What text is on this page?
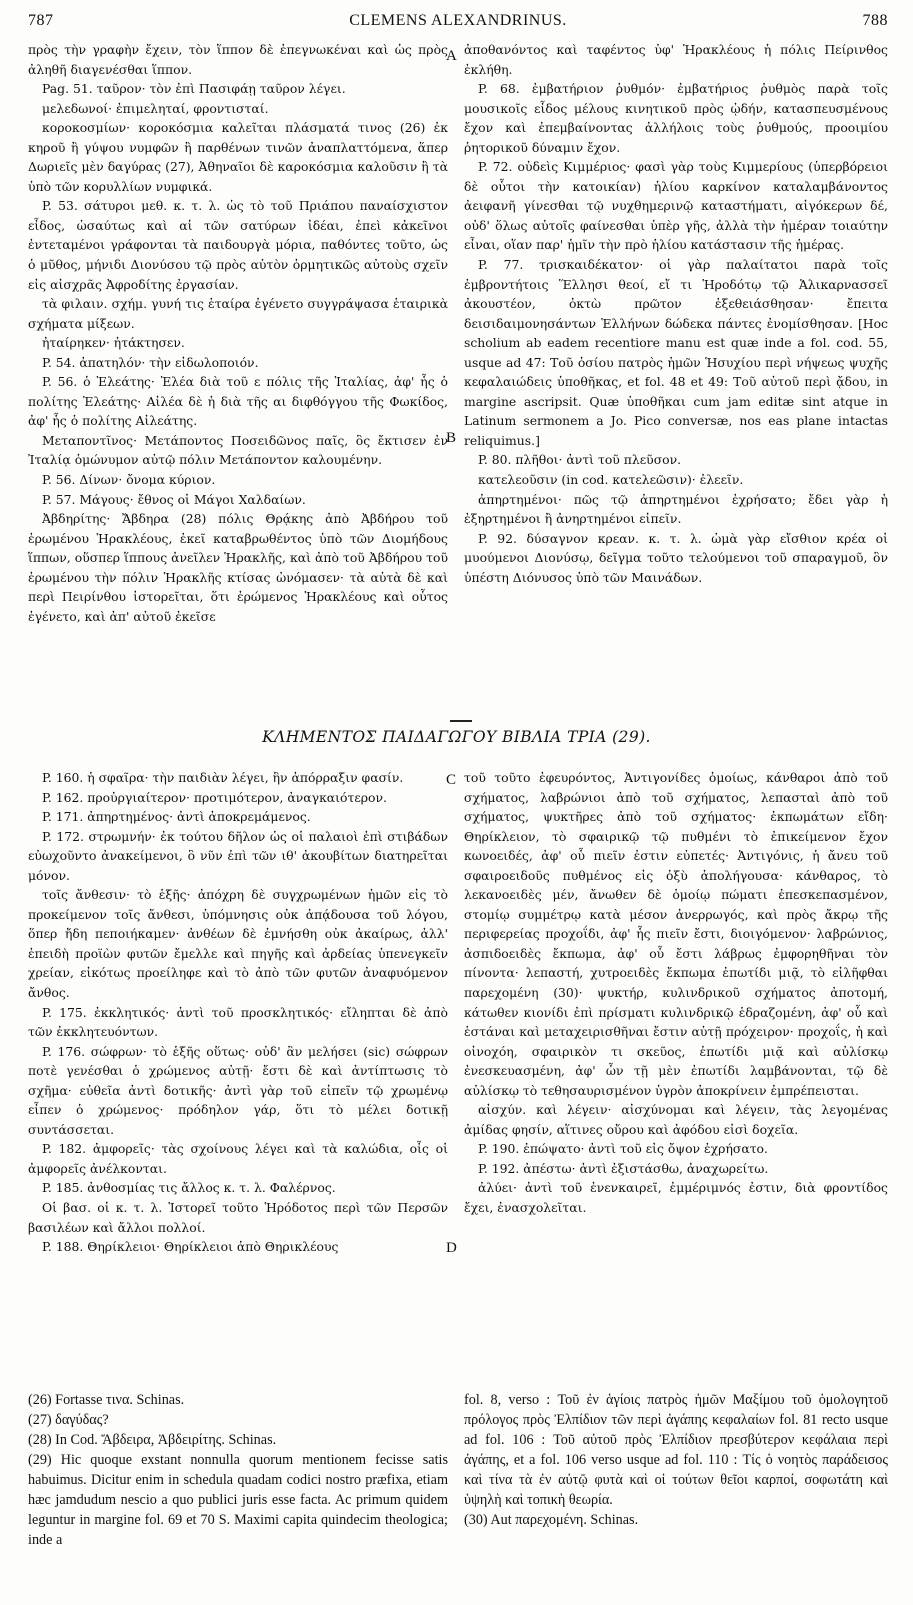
787	CLEMENS ALEXANDRINUS.	788

πρὸς τὴν γραφὴν ἔχειν, τὸν ἵππον δὲ ἐπεγνωκέναι καὶ ὡς πρὸς ἀληθῆ διαγενέσθαι ἵππον.

Pag. 51. ταῦρον· τὸν ἐπὶ Πασιφάῃ ταῦρον λέγει.

μελεδωνοί· ἐπιμεληταί, φροντισταί.

κοροκοσμίων· κοροκόσμια καλεῖται πλάσματά τινος (26) ἐκ κηροῦ ἢ γύψου νυμφῶν ἢ παρθένων τινῶν ἀναπλαττόμενα, ἅπερ Δωριεῖς μὲν δαγύρας (27), Ἀθηναῖοι δὲ καροκόσμια καλοῦσιν ἢ τὰ ὑπὸ τῶν κορυλλίων νυμφικά.

P. 53. σάτυροι μεθ. κ. τ. λ. ὡς τὸ τοῦ Πριάπου παναίσχιστον εἶδος, ὡσαύτως καὶ αἱ τῶν σατύρων ἰδέαι, ἐπεὶ κἀκεῖνοι ἐντεταμένοι γράφονται τὰ παιδουργὰ μόρια, παθόντες τοῦτο, ὡς ὁ μῦθος, μήνιδι Διονύσου τῷ πρὸς αὐτὸν ὁρμητικῶς αὐτοὺς σχεῖν εἰς αἰσχρᾶς Ἀφροδίτης ἐργασίαν.

τὰ φιλαιν. σχήμ. γυνή τις ἑταίρα ἐγένετο συγγράψασα ἑταιρικὰ σχήματα μίξεων.

ἠταίρηκεν· ἠτάκτησεν.

P. 54. ἀπατηλόν· τὴν εἰδωλοποιόν.

P. 56. ὁ Ἐλεάτης· Ἐλέα διὰ τοῦ ε πόλις τῆς Ἰταλίας, ἀφ' ἧς ὁ πολίτης Ἐλεάτης· Αἰλέα δὲ ἡ διὰ τῆς αι διφθόγγου τῆς Φωκίδος, ἀφ' ἧς ὁ πολίτης Αἰλεάτης.

Μεταποντῖνος· Μετάποντος Ποσειδῶνος παῖς, ὃς ἔκτισεν ἐν Ἰταλίᾳ ὁμώνυμον αὐτῷ πόλιν Μετάποντον καλουμένην.

P. 56. Δίνων· ὄνομα κύριον.

P. 57. Μάγους· ἔθνος οἱ Μάγοι Χαλδαίων.

Ἀβδηρίτης· Ἄβδηρα (28) πόλις Θρᾴκης ἀπὸ Ἀβδήρου τοῦ ἐρωμένου Ἡρακλέους, ἐκεῖ καταβρωθέντος ὑπὸ τῶν Διομήδους ἵππων, οὕσπερ ἵππους ἀνεῖλεν Ἡρακλῆς, καὶ ἀπὸ τοῦ Ἀβδήρου τοῦ ἐρωμένου τὴν πόλιν Ἡρακλῆς κτίσας ὠνόμασεν· τὰ αὐτὰ δὲ καὶ περὶ Πειρίνθου ἱστορεῖται, ὅτι ἐρώμενος Ἡρακλέους καὶ οὗτος ἐγένετο, καὶ ἀπ' αὐτοῦ ἐκεῖσε

A
B

ἀποθανόντος καὶ ταφέντος ὑφ' Ἡρακλέους ἡ πόλις Πείρινθος ἐκλήθη.

P. 68. ἐμβατήριον ῥυθμόν· ἐμβατήριος ῥυθμὸς παρὰ τοῖς μουσικοῖς εἶδος μέλους κινητικοῦ πρὸς ᾠδήν, κατασπευσμένους ἔχον καὶ ἐπεμβαίνοντας ἀλλήλοις τοὺς ῥυθμούς, προοιμίου ῥητορικοῦ δύναμιν ἔχον.

P. 72. οὐδεὶς Κιμμέριος· φασὶ γὰρ τοὺς Κιμμερίους (ὑπερβόρειοι δὲ οὗτοι τὴν κατοικίαν) ἡλίου καρκίνον καταλαμβάνοντος ἀειφανῆ γίνεσθαι τῷ νυχθημερινῷ καταστήματι, αἰγόκερων δέ, οὐδ' ὅλως αὐτοῖς φαίνεσθαι ὑπὲρ γῆς, ἀλλὰ τὴν ἡμέραν τοιαύτην εἶναι, οἵαν παρ' ἡμῖν τὴν πρὸ ἡλίου κατάστασιν τῆς ἡμέρας.

P. 77. τρισκαιδέκατον· οἱ γὰρ παλαίτατοι παρὰ τοῖς ἐμβροντήτοις Ἕλλησι θεοί, εἴ τι Ἡροδότῳ τῷ Ἁλικαρνασσεῖ ἀκουστέον, ὀκτὼ πρῶτον ἐξεθειάσθησαν· ἔπειτα δεισιδαιμονησάντων Ἑλλήνων δώδεκα πάντες ἐνομίσθησαν. [Hoc scholium ab eadem recentiore manu est quæ inde a fol. cod. 55, usque ad 47: Τοῦ ὁσίου πατρὸς ἡμῶν Ἡσυχίου περὶ νήψεως ψυχῆς κεφαλαιώδεις ὑποθῆκας, et fol. 48 et 49: Τοῦ αὐτοῦ περὶ ᾄδου, in margine ascripsit. Quæ ὑποθῆκαι cum jam editæ sint atque in Latinum sermonem a Jo. Pico conversæ, nos eas plane intactas reliquimus.]

P. 80. πλῆθοι· ἀντὶ τοῦ πλεῦσον.

κατελεοῦσιν (in cod. κατελεῶσιν)· ἐλεεῖν.

ἀπηρτημένοι· πῶς τῷ ἀπηρτημένοι ἐχρήσατο; ἔδει γὰρ ἡ ἐξηρτημένοι ἢ ἀνηρτημένοι εἰπεῖν.

P. 92. δύσαγνον κρεαν. κ. τ. λ. ὠμὰ γὰρ εἴσθιον κρέα οἱ μυούμενοι Διονύσῳ, δεῖγμα τοῦτο τελούμενοι τοῦ σπαραγμοῦ, ὃν ὑπέστη Διόνυσος ὑπὸ τῶν Μαινάδων.

ΚΛΗΜΕΝΤΟΣ ΠΑΙΔΑΓΩΓΟΥ ΒΙΒΛΙΑ ΤΡΙΑ (29).

P. 160. ἡ σφαῖρα· τὴν παιδιὰν λέγει, ἣν ἀπόρραξιν φασίν.

P. 162. προὐργιαίτερον· προτιμότερον, ἀναγκαιότερον.

P. 171. ἀπηρτημένος· ἀντὶ ἀποκρεμάμενος.

P. 172. στρωμνήν· ἐκ τούτου δῆλον ὡς οἱ παλαιοὶ ἐπὶ στιβάδων εὐωχοῦντο ἀνακείμενοι, ὃ νῦν ἐπὶ τῶν ιθ' ἀκουβίτων διατηρεῖται μόνον.

τοῖς ἄνθεσιν· τὸ ἑξῆς· ἀπόχρη δὲ συγχρωμένων ἡμῶν εἰς τὸ προκείμενον τοῖς ἄνθεσι, ὑπόμνησις οὐκ ἀπᾴδουσα τοῦ λόγου, ὅπερ ἤδη πεποιήκαμεν· ἀνθέων δὲ ἐμνήσθη οὐκ ἀκαίρως, ἀλλ' ἐπειδὴ προϊὼν φυτῶν ἔμελλε καὶ πηγῆς καὶ ἀρδείας ὑπενεγκεῖν χρείαν, εἰκότως προείληφε καὶ τὸ ἀπὸ τῶν φυτῶν ἀναφυόμενον ἄνθος.

P. 175. ἐκκλητικός· ἀντὶ τοῦ προσκλητικός· εἴληπται δὲ ἀπὸ τῶν ἐκκλητευόντων.

P. 176. σώφρων· τὸ ἑξῆς οὕτως· οὐδ' ἂν μελήσει (sic) σώφρων ποτὲ γενέσθαι ὁ χρώμενος αὐτῇ· ἔστι δὲ καὶ ἀντίπτωσις τὸ σχῆμα· εὐθεῖα ἀντὶ δοτικῆς· ἀντὶ γὰρ τοῦ εἰπεῖν τῷ χρωμένῳ εἶπεν ὁ χρώμενος· πρόδηλον γάρ, ὅτι τὸ μέλει δοτικῇ συντάσσεται.

P. 182. ἀμφορεῖς· τὰς σχοίνους λέγει καὶ τὰ καλώδια, οἷς οἱ ἀμφορεῖς ἀνέλκονται.

P. 185. ἀνθοσμίας τις ἄλλος κ. τ. λ. Φαλέρνος.

Οἱ βασ. οἱ κ. τ. λ. Ἱστορεῖ τοῦτο Ἡρόδοτος περὶ τῶν Περσῶν βασιλέων καὶ ἄλλοι πολλοί.

P. 188. Θηρίκλειοι· Θηρίκλειοι ἀπὸ Θηρικλέους

C
D

τοῦ τοῦτο ἐφευρόντος, Ἀντιγονίδες ὁμοίως, κάνθαροι ἀπὸ τοῦ σχήματος, λαβρώνιοι ἀπὸ τοῦ σχήματος, λεπασταὶ ἀπὸ τοῦ σχήματος, ψυκτῆρες ἀπὸ τοῦ σχήματος· ἐκπωμάτων εἴδη· Θηρίκλειον, τὸ σφαιρικῷ τῷ πυθμένι τὸ ἐπικείμενον ἔχον κωνοειδές, ἀφ' οὗ πιεῖν ἐστιν εὐπετές· Ἀντιγόνις, ἡ ἄνευ τοῦ σφαιροειδοῦς πυθμένος εἰς ὀξὺ ἀπολήγουσα· κάνθαρος, τὸ λεκανοειδὲς μέν, ἄνωθεν δὲ ὁμοίῳ πώματι ἐπεσκεπασμένον, στομίῳ συμμέτρῳ κατὰ μέσον ἀνερρωγός, καὶ πρὸς ἄκρῳ τῆς περιφερείας προχοΐδι, ἀφ' ἧς πιεῖν ἔστι, διοιγόμενον· λαβρώνιος, ἀσπιδοειδὲς ἔκπωμα, ἀφ' οὗ ἔστι λάβρως ἐμφορηθῆναι τὸν πίνοντα· λεπαστή, χυτροειδὲς ἔκπωμα ἐπωτίδι μιᾷ, τὸ εἰλῆφθαι παρεχομένη (30)· ψυκτήρ, κυλινδρικοῦ σχήματος ἀποτομή, κάτωθεν κιονίδι ἐπὶ πρίσματι κυλινδρικῷ ἑδραζομένη, ἀφ' οὗ καὶ ἑστάναι καὶ μεταχειρισθῆναι ἔστιν αὐτῇ πρόχειρον· προχοΐς, ἡ καὶ οἰνοχόη, σφαιρικὸν τι σκεῦος, ἐπωτίδι μιᾷ καὶ αὐλίσκῳ ἐνεσκευασμένη, ἀφ' ὧν τῇ μὲν ἐπωτίδι λαμβάνονται, τῷ δὲ αὐλίσκῳ τὸ τεθησαυρισμένον ὑγρὸν ἀποκρίνειν ἐμπρέπεισται.

αἰσχύν. καὶ λέγειν· αἰσχύνομαι καὶ λέγειν, τὰς λεγομένας ἀμίδας φησίν, αἵτινες οὔρου καὶ ἀφόδου εἰσὶ δοχεῖα.

P. 190. ἐπώψατο· ἀντὶ τοῦ εἰς ὄψον ἐχρήσατο.

P. 192. ἀπέστω· ἀντὶ ἐξιστάσθω, ἀναχωρείτω.

ἀλύει· ἀντὶ τοῦ ἐνενκαιρεῖ, ἐμμέριμνός ἐστιν, διὰ φροντίδος ἔχει, ἐνασχολεῖται.

(26) Fortasse τινα. Schinas.

(27) δαγύδας?

(28) In Cod. Ἄβδειρα, Ἀβδειρίτης. Schinas.

(29) Hic quoque exstant nonnulla quorum mentionem fecisse satis habuimus. Dicitur enim in schedula quadam codici nostro præfixa, etiam hæc jamdudum nescio a quo publici juris esse facta. Ac primum quidem leguntur in margine fol. 69 et 70 S. Maximi capita quindecim theologica; inde a

fol. 8, verso : Τοῦ ἐν ἁγίοις πατρὸς ἡμῶν Μαξίμου τοῦ ὁμολογητοῦ πρόλογος πρὸς Ἐλπίδιον τῶν περὶ ἀγάπης κεφαλαίων fol. 81 recto usque ad fol. 106 : Τοῦ αὐτοῦ πρὸς Ἐλπίδιον πρεσβύτερον κεφάλαια περὶ ἀγάπης, et a fol. 106 verso usque ad fol. 110 : Τίς ὁ νοητὸς παράδεισος καὶ τίνα τὰ ἐν αὐτῷ φυτὰ καὶ οἱ τούτων θεῖοι καρποί, σοφωτάτη καὶ ὑψηλὴ καὶ τοπικὴ θεωρία.

(30) Aut παρεχομένη. Schinas.
